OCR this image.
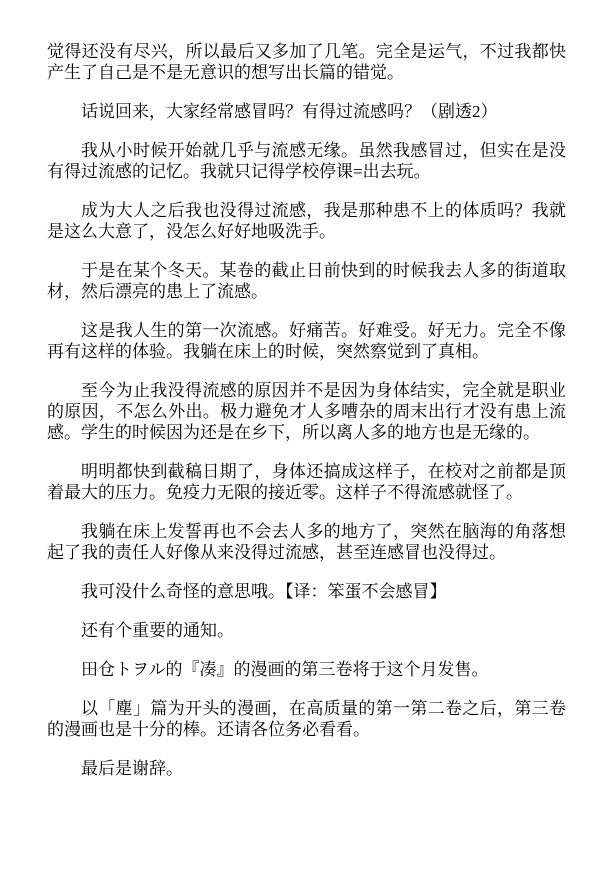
觉得还没有尽兴，所以最后又多加了几笔。完全是运气，不过我都快产生了自己是不是无意识的想写出长篇的错觉。

话说回来，大家经常感冒吗？有得过流感吗？（剧透2）

我从小时候开始就几乎与流感无缘。虽然我感冒过，但实在是没有得过流感的记忆。我就只记得学校停课=出去玩。

成为大人之后我也没得过流感，我是那种患不上的体质吗？我就是这么大意了，没怎么好好地吸洗手。

于是在某个冬天。某卷的截止日前快到的时候我去人多的街道取材，然后漂亮的患上了流感。

这是我人生的第一次流感。好痛苦。好难受。好无力。完全不像再有这样的体验。我躺在床上的时候，突然察觉到了真相。

至今为止我没得流感的原因并不是因为身体结实，完全就是职业的原因，不怎么外出。极力避免才人多嘈杂的周末出行才没有患上流感。学生的时候因为还是在乡下，所以离人多的地方也是无缘的。

明明都快到截稿日期了，身体还搞成这样子，在校对之前都是顶着最大的压力。免疫力无限的接近零。这样子不得流感就怪了。

我躺在床上发誓再也不会去人多的地方了，突然在脑海的角落想起了我的责任人好像从来没得过流感，甚至连感冒也没得过。

我可没什么奇怪的意思哦。【译：笨蛋不会感冒】

还有个重要的通知。

田仓トヲル的『凑』的漫画的第三卷将于这个月发售。

以「塵」篇为开头的漫画，在高质量的第一第二卷之后，第三卷的漫画也是十分的棒。还请各位务必看看。

最后是谢辞。
